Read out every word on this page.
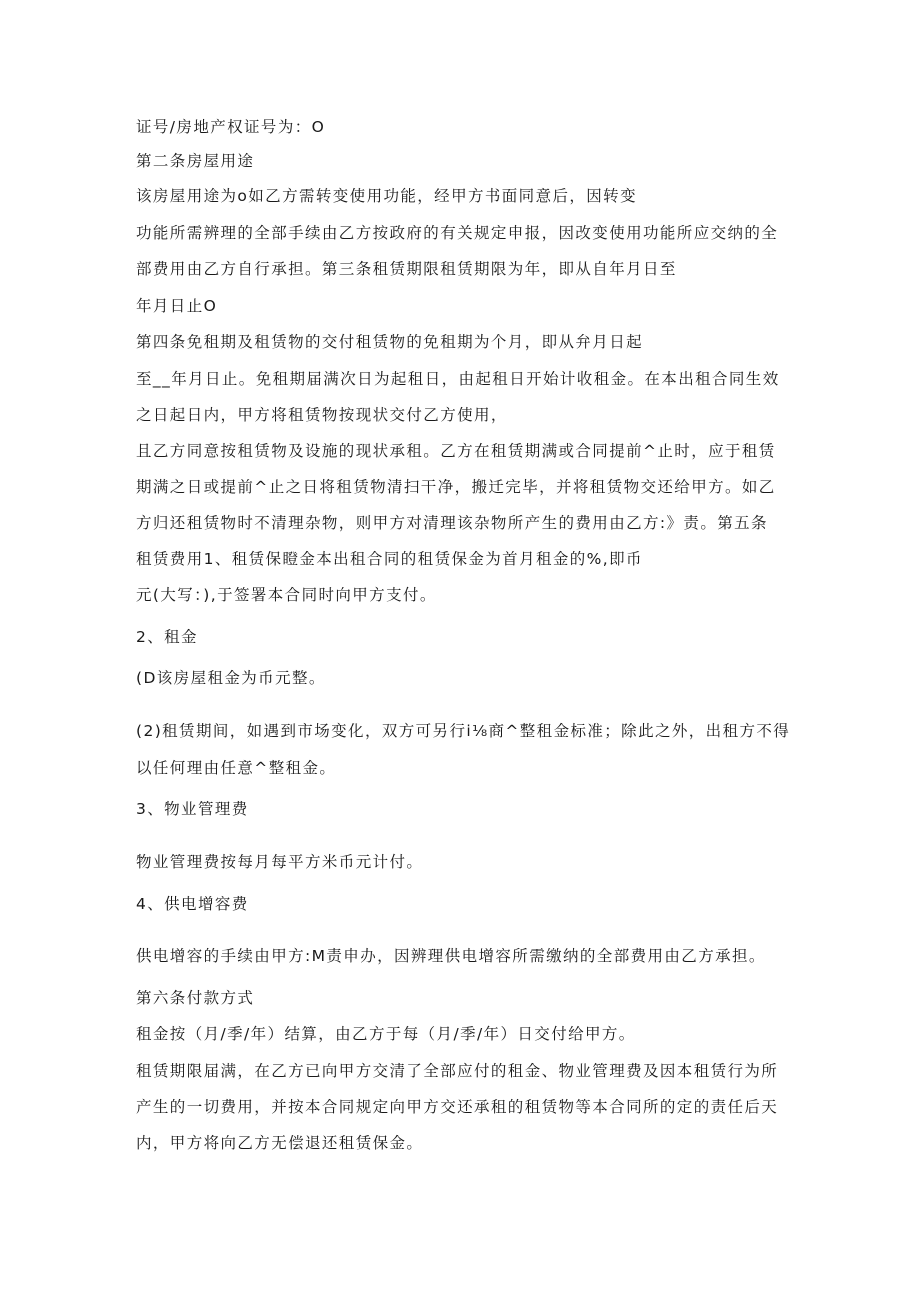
证号/房地产权证号为：O
第二条房屋用途
该房屋用途为o如乙方需转变使用功能，经甲方书面同意后，因转变
功能所需辨理的全部手续由乙方按政府的有关规定申报，因改变使用功能所应交纳的全
部费用由乙方自行承担。第三条租赁期限租赁期限为年，即从自年月日至
年月日止O
第四条免租期及租赁物的交付租赁物的免租期为个月，即从弁月日起
至__年月日止。免租期届满次日为起租日，由起租日开始计收租金。在本出租合同生效
之日起日内，甲方将租赁物按现状交付乙方使用，
且乙方同意按租赁物及设施的现状承租。乙方在租赁期满或合同提前^止时，应于租赁
期满之日或提前^止之日将租赁物清扫干净，搬迁完毕，并将租赁物交还给甲方。如乙
方归还租赁物时不清理杂物，则甲方对清理该杂物所产生的费用由乙方:》责。第五条
租赁费用1、租赁保瞪金本出租合同的租赁保金为首月租金的%,即币
元(大写：),于签署本合同时向甲方支付。
2、租金
(D该房屋租金为币元整。
(2)租赁期间，如遇到市场变化，双方可另行i⅛商^整租金标准；除此之外，出租方不得
以任何理由任意^整租金。
3、物业管理费
物业管理费按每月每平方米币元计付。
4、供电增容费
供电增容的手续由甲方:M责申办，因辨理供电增容所需缴纳的全部费用由乙方承担。
第六条付款方式
租金按（月/季/年）结算，由乙方于每（月/季/年）日交付给甲方。
租赁期限届满，在乙方已向甲方交清了全部应付的租金、物业管理费及因本租赁行为所
产生的一切费用，并按本合同规定向甲方交还承租的租赁物等本合同所的定的责任后天
内，甲方将向乙方无偿退还租赁保金。
